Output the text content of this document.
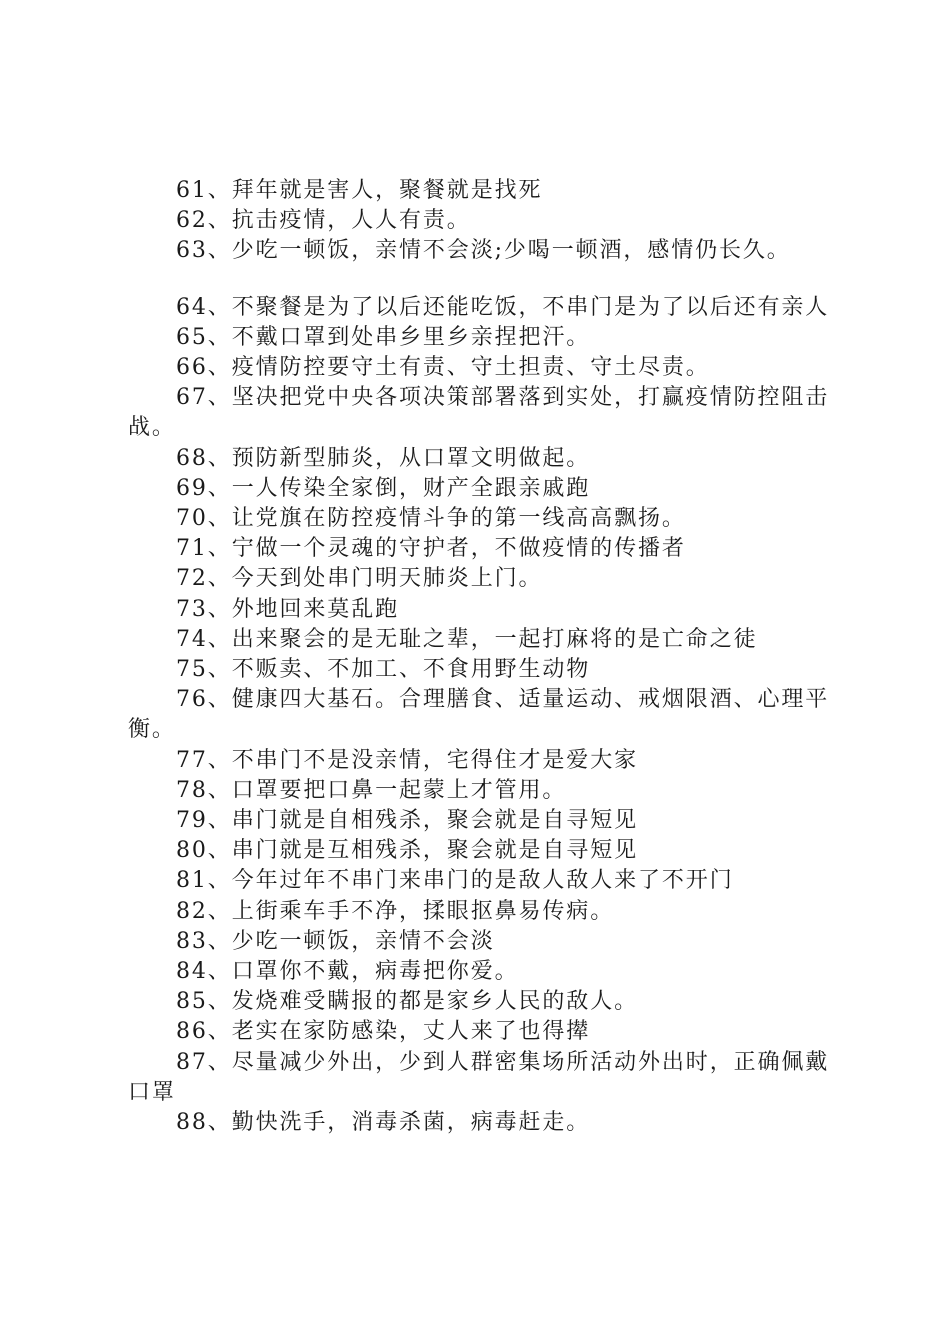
61、拜年就是害人，聚餐就是找死

62、抗击疫情，人人有责。

63、少吃一顿饭，亲情不会淡;少喝一顿酒，感情仍长久。

64、不聚餐是为了以后还能吃饭，不串门是为了以后还有亲人

65、不戴口罩到处串乡里乡亲捏把汗。

66、疫情防控要守土有责、守土担责、守土尽责。

67、坚决把党中央各项决策部署落到实处，打赢疫情防控阻击战。

68、预防新型肺炎，从口罩文明做起。

69、一人传染全家倒，财产全跟亲戚跑

70、让党旗在防控疫情斗争的第一线高高飘扬。

71、宁做一个灵魂的守护者，不做疫情的传播者

72、今天到处串门明天肺炎上门。

73、外地回来莫乱跑

74、出来聚会的是无耻之辈，一起打麻将的是亡命之徒

75、不贩卖、不加工、不食用野生动物

76、健康四大基石。合理膳食、适量运动、戒烟限酒、心理平衡。

77、不串门不是没亲情，宅得住才是爱大家

78、口罩要把口鼻一起蒙上才管用。

79、串门就是自相残杀，聚会就是自寻短见

80、串门就是互相残杀，聚会就是自寻短见

81、今年过年不串门来串门的是敌人敌人来了不开门

82、上街乘车手不净，揉眼抠鼻易传病。

83、少吃一顿饭，亲情不会淡

84、口罩你不戴，病毒把你爱。

85、发烧难受瞒报的都是家乡人民的敌人。

86、老实在家防感染，丈人来了也得撵

87、尽量减少外出，少到人群密集场所活动外出时，正确佩戴口罩

88、勤快洗手，消毒杀菌，病毒赶走。
